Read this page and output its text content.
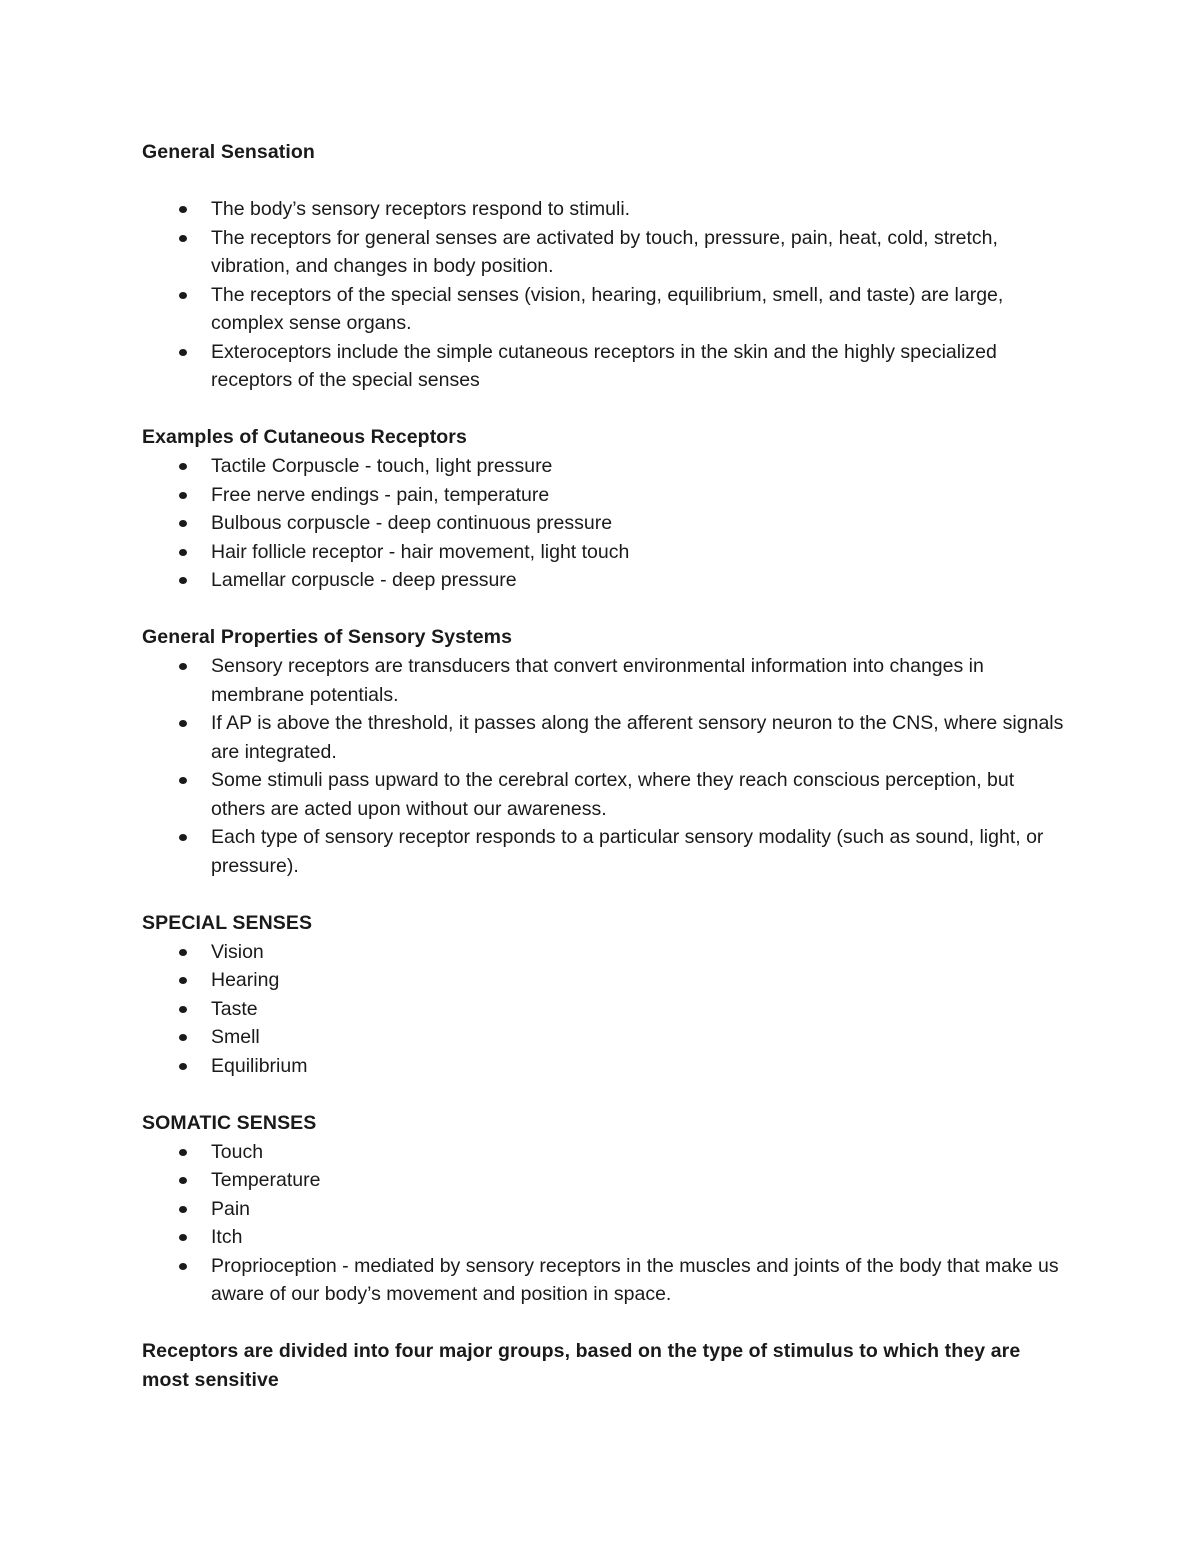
General Sensation

The body’s sensory receptors respond to stimuli.
The receptors for general senses are activated by touch, pressure, pain, heat, cold, stretch, vibration, and changes in body position.
The receptors of the special senses (vision, hearing, equilibrium, smell, and taste) are large, complex sense organs.
Exteroceptors include the simple cutaneous receptors in the skin and the highly specialized receptors of the special senses

Examples of Cutaneous Receptors

Tactile Corpuscle - touch, light pressure
Free nerve endings - pain, temperature
Bulbous corpuscle - deep continuous pressure
Hair follicle receptor - hair movement, light touch
Lamellar corpuscle - deep pressure

General Properties of Sensory Systems

Sensory receptors are transducers that convert environmental information into changes in membrane potentials.
If AP is above the threshold, it passes along the afferent sensory neuron to the CNS, where signals are integrated.
Some stimuli pass upward to the cerebral cortex, where they reach conscious perception, but others are acted upon without our awareness.
Each type of sensory receptor responds to a particular sensory modality (such as sound, light, or pressure).

SPECIAL SENSES

Vision
Hearing
Taste
Smell
Equilibrium

SOMATIC SENSES

Touch
Temperature
Pain
Itch
Proprioception - mediated by sensory receptors in the muscles and joints of the body that make us aware of our body’s movement and position in space.

Receptors are divided into four major groups, based on the type of stimulus to which they are most sensitive
